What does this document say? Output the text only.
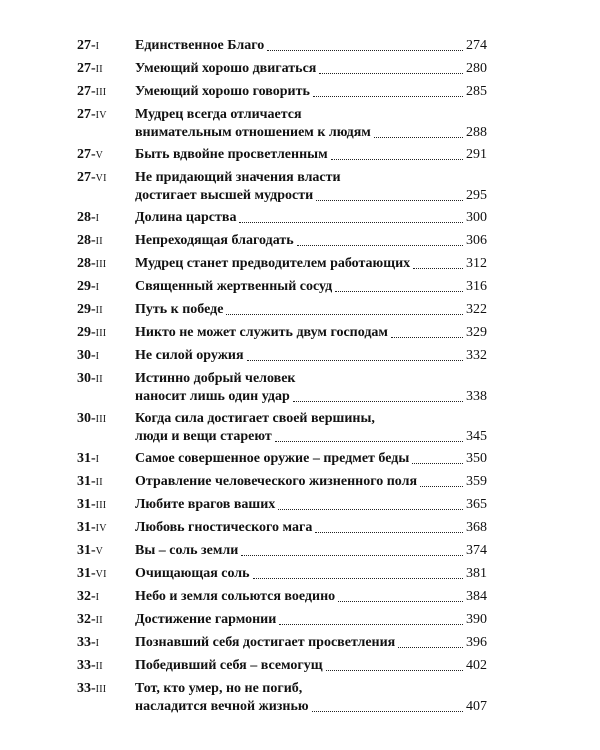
27-I	Единственное Благо	274
27-II	Умеющий хорошо двигаться	280
27-III	Умеющий хорошо говорить	285
27-IV	Мудрец всегда отличается
внимательным отношением к людям	288
27-V	Быть вдвойне просветленным	291
27-VI	Не придающий значения власти
достигает высшей мудрости	295
28-I	Долина царства	300
28-II	Непреходящая благодать	306
28-III	Мудрец станет предводителем работающих	312
29-I	Священный жертвенный сосуд	316
29-II	Путь к победе	322
29-III	Никто не может служить двум господам	329
30-I	Не силой оружия	332
30-II	Истинно добрый человек
наносит лишь один удар	338
30-III	Когда сила достигает своей вершины,
люди и вещи стареют	345
31-I	Самое совершенное оружие – предмет беды	350
31-II	Отравление человеческого жизненного поля	359
31-III	Любите врагов ваших	365
31-IV	Любовь гностического мага	368
31-V	Вы – соль земли	374
31-VI	Очищающая соль	381
32-I	Небо и земля сольются воедино	384
32-II	Достижение гармонии	390
33-I	Познавший себя достигает просветления	396
33-II	Победивший себя – всемогущ	402
33-III	Тот, кто умер, но не погиб,
насладится вечной жизнью	407
